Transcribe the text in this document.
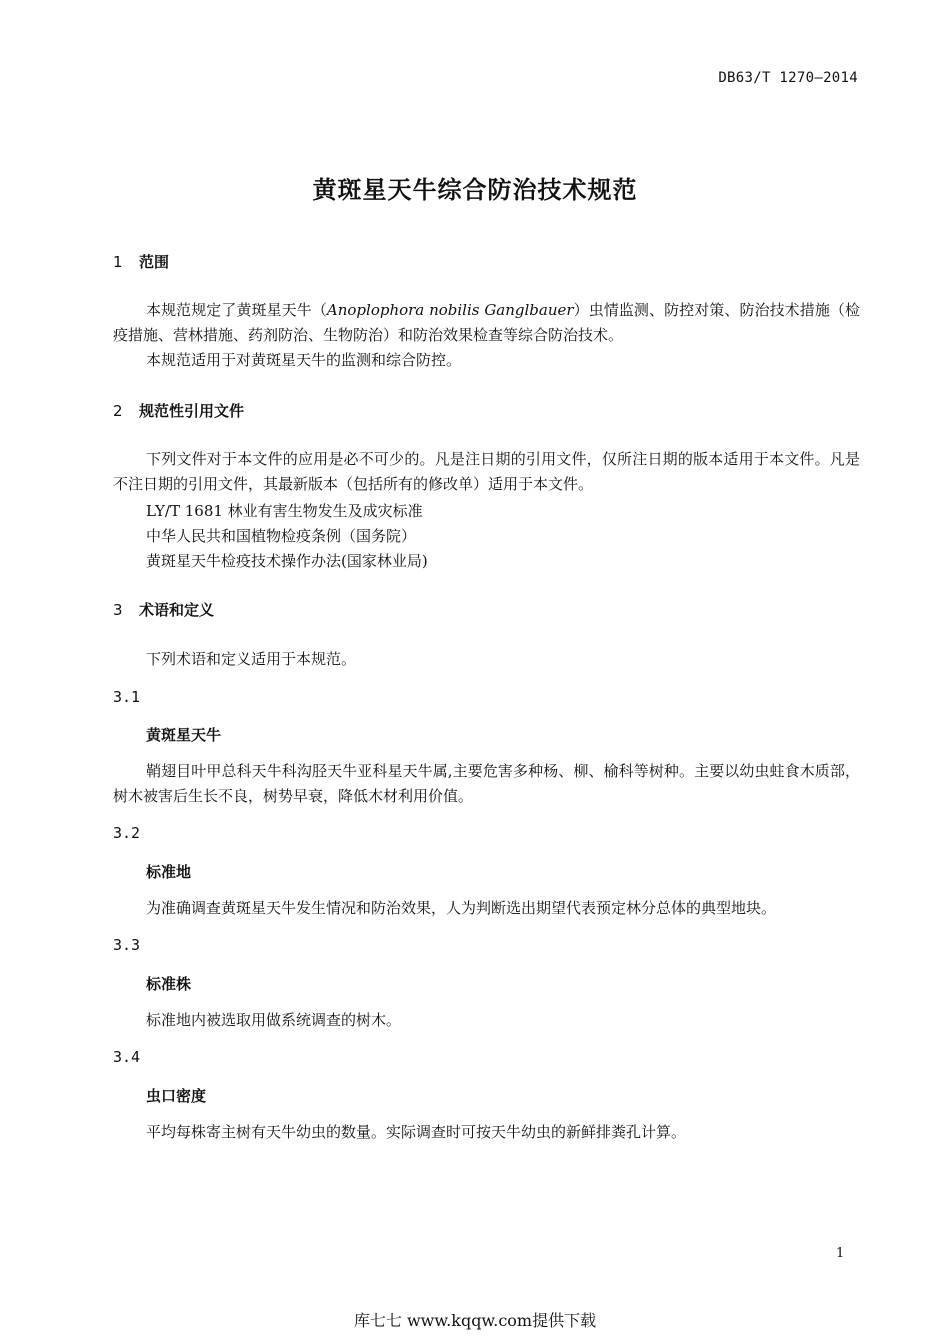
DB63/T 1270—2014
黄斑星天牛综合防治技术规范
1 范围
本规范规定了黄斑星天牛（Anoplophora nobilis Ganglbauer）虫情监测、防控对策、防治技术措施（检疫措施、营林措施、药剂防治、生物防治）和防治效果检查等综合防治技术。
本规范适用于对黄斑星天牛的监测和综合防控。
2 规范性引用文件
下列文件对于本文件的应用是必不可少的。凡是注日期的引用文件，仅所注日期的版本适用于本文件。凡是不注日期的引用文件，其最新版本（包括所有的修改单）适用于本文件。
LY/T 1681 林业有害生物发生及成灾标准
中华人民共和国植物检疫条例（国务院）
黄斑星天牛检疫技术操作办法(国家林业局)
3 术语和定义
下列术语和定义适用于本规范。
3.1
黄斑星天牛
鞘翅目叶甲总科天牛科沟胫天牛亚科星天牛属,主要危害多种杨、柳、榆科等树种。主要以幼虫蛀食木质部，树木被害后生长不良，树势早衰，降低木材利用价值。
3.2
标准地
为准确调查黄斑星天牛发生情况和防治效果，人为判断选出期望代表预定林分总体的典型地块。
3.3
标准株
标准地内被选取用做系统调查的树木。
3.4
虫口密度
平均每株寄主树有天牛幼虫的数量。实际调查时可按天牛幼虫的新鲜排粪孔计算。
1
库七七 www.kqqw.com提供下载
